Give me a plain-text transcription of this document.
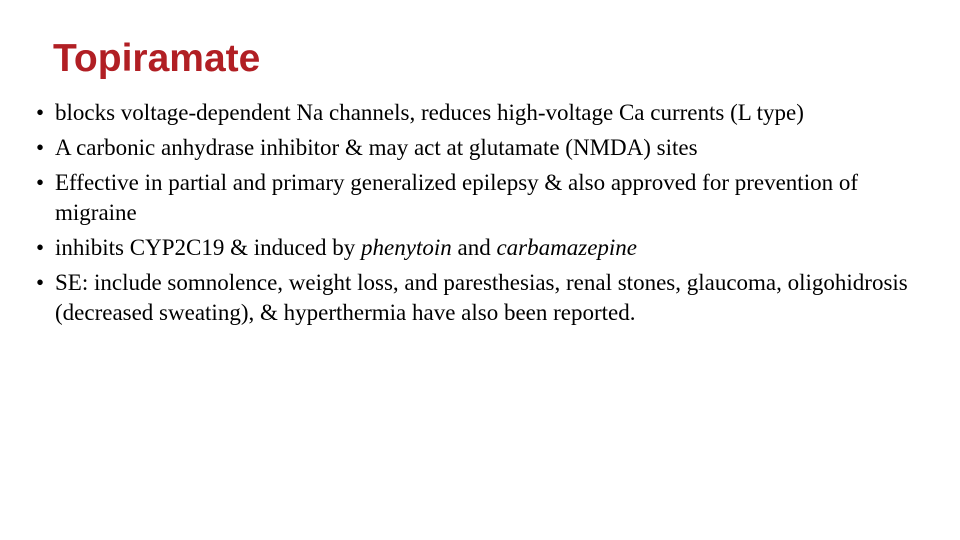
Topiramate
• blocks voltage-dependent Na channels, reduces high-voltage Ca currents (L type)
• A carbonic anhydrase inhibitor & may act at glutamate (NMDA) sites
• Effective in partial and primary generalized epilepsy & also approved for prevention of migraine
• inhibits CYP2C19 & induced by phenytoin and carbamazepine
• SE: include somnolence, weight loss, and paresthesias, renal stones, glaucoma, oligohidrosis (decreased sweating), & hyperthermia have also been reported.
